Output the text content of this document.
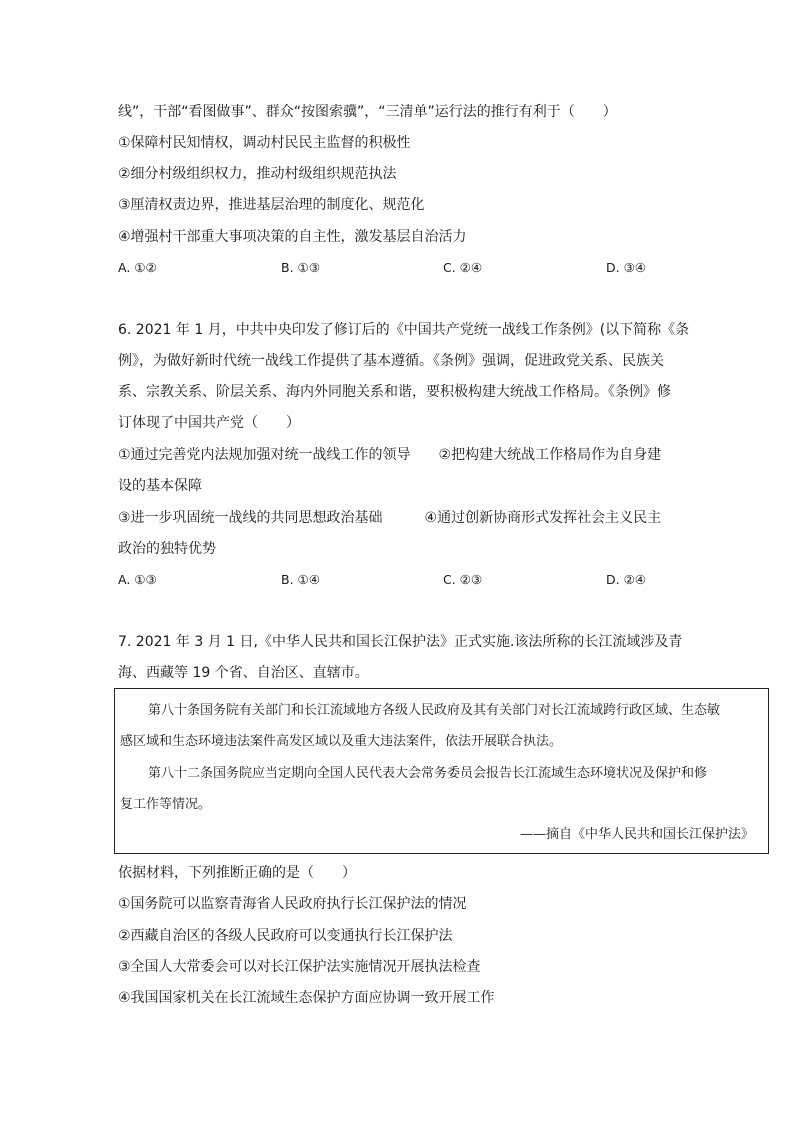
线”，干部“看图做事”、群众“按图索骥”，“三清单”运行法的推行有利于（　　）
①保障村民知情权，调动村民民主监督的积极性
②细分村级组织权力，推动村级组织规范执法
③厘清权责边界，推进基层治理的制度化、规范化
④增强村干部重大事项决策的自主性，激发基层自治活力
A. ①②	B. ①③	C. ②④	D. ③④
6. 2021 年 1 月，中共中央印发了修订后的《中国共产党统一战线工作条例》(以下简称《条
例》，为做好新时代统一战线工作提供了基本遵循。《条例》强调，促进政党关系、民族关
系、宗教关系、阶层关系、海内外同胞关系和谐，要积极构建大统战工作格局。《条例》修
订体现了中国共产党（　　）
①通过完善党内法规加强对统一战线工作的领导　　②把构建大统战工作格局作为自身建
设的基本保障
③进一步巩固统一战线的共同思想政治基础　　　④通过创新协商形式发挥社会主义民主
政治的独特优势
A. ①③	B. ①④	C. ②③	D. ②④
7. 2021 年 3 月 1 日,《中华人民共和国长江保护法》正式实施.该法所称的长江流域涉及青
海、西藏等 19 个省、自治区、直辖市。
第八十条国务院有关部门和长江流域地方各级人民政府及其有关部门对长江流域跨行政区域、生态敏
感区域和生态环境违法案件高发区域以及重大违法案件，依法开展联合执法。
第八十二条国务院应当定期向全国人民代表大会常务委员会报告长江流域生态环境状况及保护和修
复工作等情况。
——摘自《中华人民共和国长江保护法》
依据材料，下列推断正确的是（　　）
①国务院可以监察青海省人民政府执行长江保护法的情况
②西藏自治区的各级人民政府可以变通执行长江保护法
③全国人大常委会可以对长江保护法实施情况开展执法检查
④我国国家机关在长江流域生态保护方面应协调一致开展工作
